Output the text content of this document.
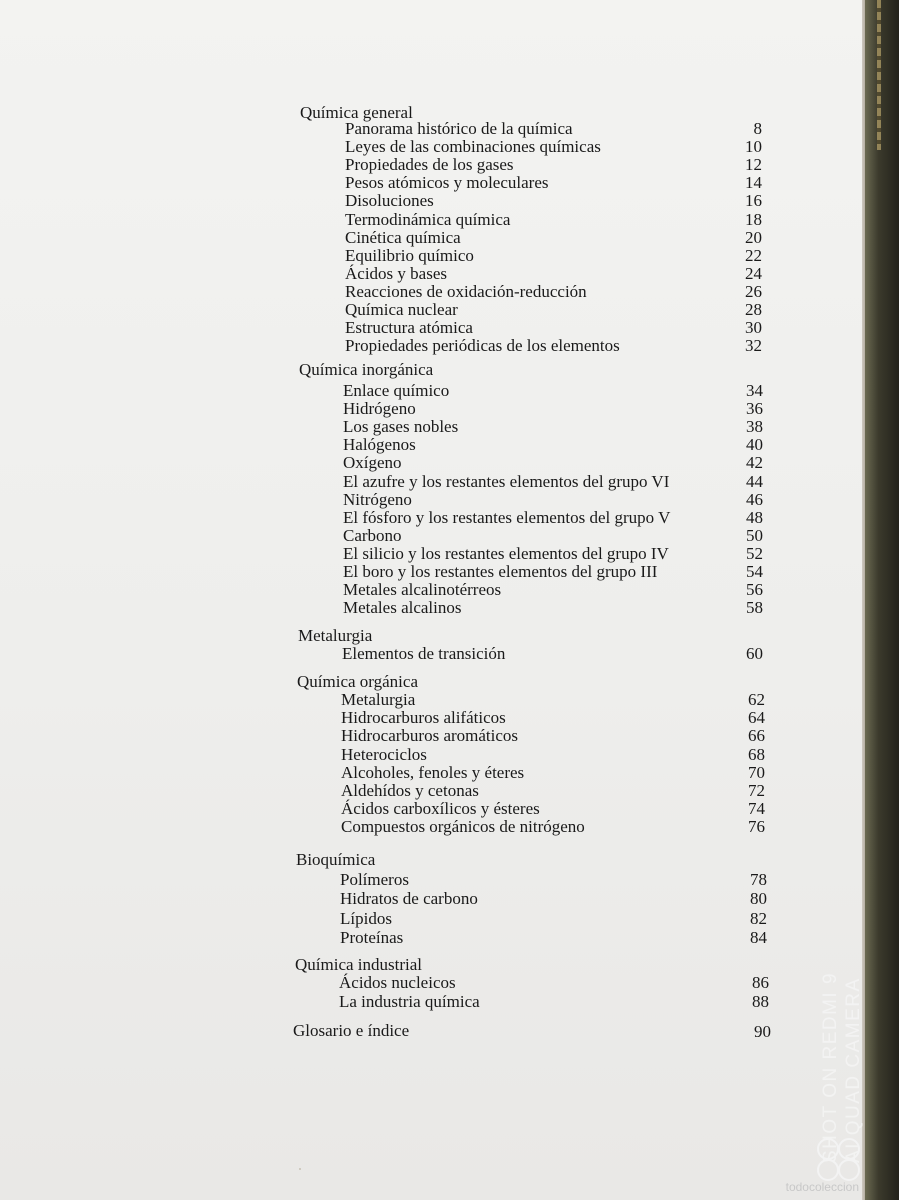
Química general
Panorama histórico de la química	8
Leyes de las combinaciones químicas	10
Propiedades de los gases	12
Pesos atómicos y moleculares	14
Disoluciones	16
Termodinámica química	18
Cinética química	20
Equilibrio químico	22
Ácidos y bases	24
Reacciones de oxidación-reducción	26
Química nuclear	28
Estructura atómica	30
Propiedades periódicas de los elementos	32
Química inorgánica
Enlace químico	34
Hidrógeno	36
Los gases nobles	38
Halógenos	40
Oxígeno	42
El azufre y los restantes elementos del grupo VI	44
Nitrógeno	46
El fósforo y los restantes elementos del grupo V	48
Carbono	50
El silicio y los restantes elementos del grupo IV	52
El boro y los restantes elementos del grupo III	54
Metales alcalinotérreos	56
Metales alcalinos	58
Metalurgia
Elementos de transición	60
Química orgánica
Metalurgia	62
Hidrocarburos alifáticos	64
Hidrocarburos aromáticos	66
Heterociclos	68
Alcoholes, fenoles y éteres	70
Aldehídos y cetonas	72
Ácidos carboxílicos y ésteres	74
Compuestos orgánicos de nitrógeno	76
Bioquímica
Polímeros	78
Hidratos de carbono	80
Lípidos	82
Proteínas	84
Química industrial
Ácidos nucleicos	86
La industria química	88
Glosario e índice	90	SHOT ON REDMI 9 AI QUAD CAMERA
todocoleccion
